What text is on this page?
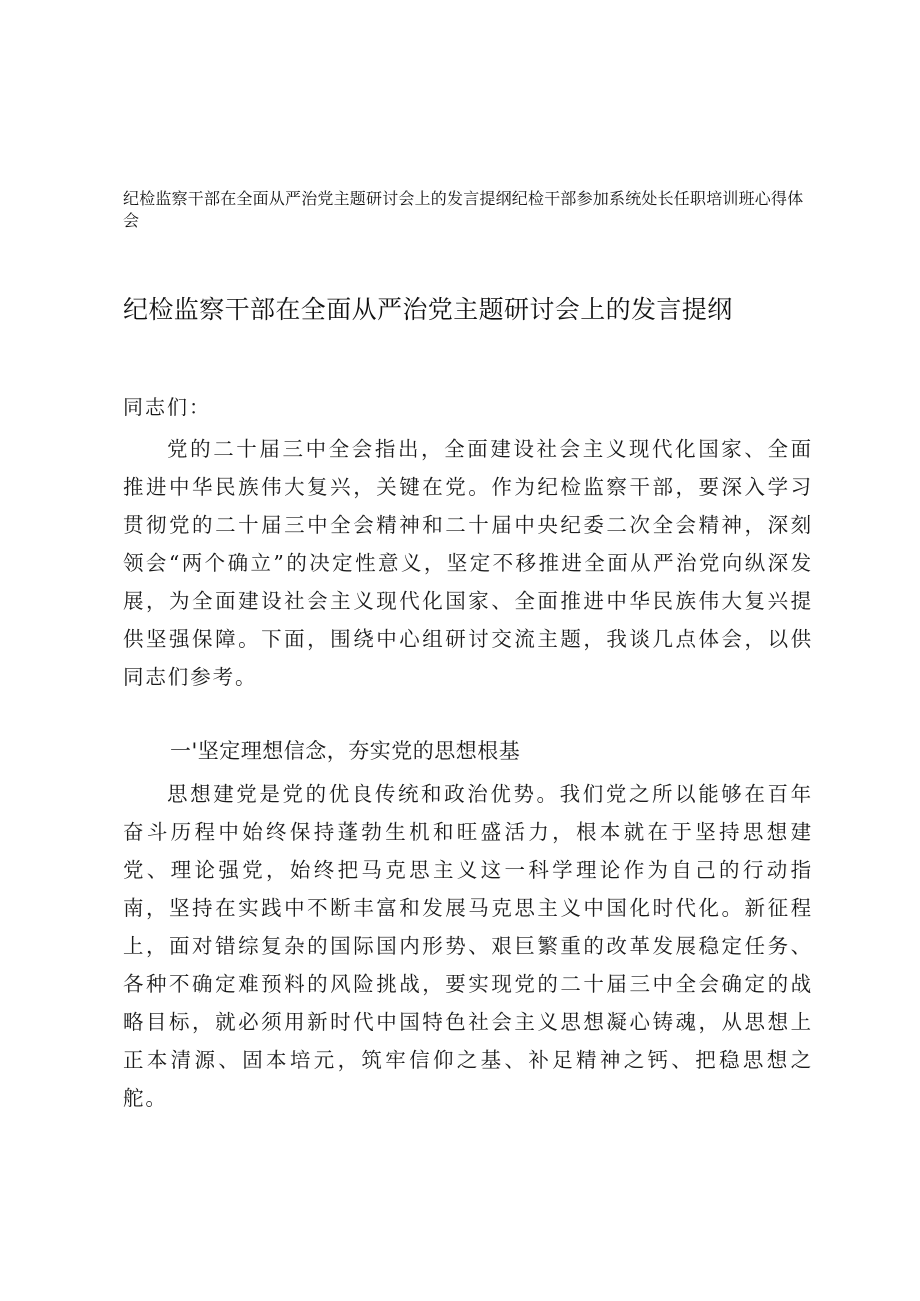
纪检监察干部在全面从严治党主题研讨会上的发言提纲纪检干部参加系统处长任职培训班心得体会
纪检监察干部在全面从严治党主题研讨会上的发言提纲
同志们：

党的二十届三中全会指出，全面建设社会主义现代化国家、全面推进中华民族伟大复兴，关键在党。作为纪检监察干部，要深入学习贯彻党的二十届三中全会精神和二十届中央纪委二次全会精神，深刻领会“两个确立”的决定性意义，坚定不移推进全面从严治党向纵深发展，为全面建设社会主义现代化国家、全面推进中华民族伟大复兴提供坚强保障。下面，围绕中心组研讨交流主题，我谈几点体会，以供同志们参考。

一'坚定理想信念，夯实党的思想根基

思想建党是党的优良传统和政治优势。我们党之所以能够在百年奋斗历程中始终保持蓬勃生机和旺盛活力，根本就在于坚持思想建党、理论强党，始终把马克思主义这一科学理论作为自己的行动指南，坚持在实践中不断丰富和发展马克思主义中国化时代化。新征程上，面对错综复杂的国际国内形势、艰巨繁重的改革发展稳定任务、各种不确定难预料的风险挑战，要实现党的二十届三中全会确定的战略目标，就必须用新时代中国特色社会主义思想凝心铸魂，从思想上正本清源、固本培元，筑牢信仰之基、补足精神之钙、把稳思想之舵。
